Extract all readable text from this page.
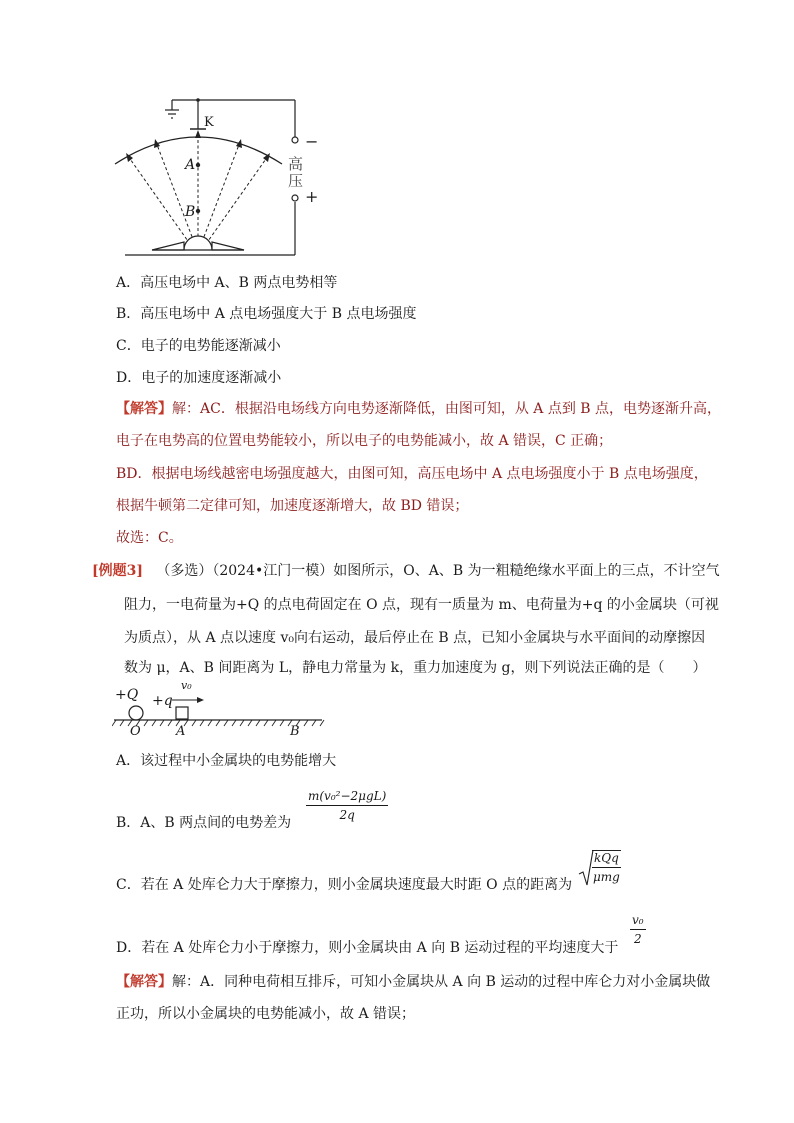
K
A
B
−
高
压
+
A．高压电场中 A、B 两点电势相等
B．高压电场中 A 点电场强度大于 B 点电场强度
C．电子的电势能逐渐减小
D．电子的加速度逐渐减小
【解答】解：AC．根据沿电场线方向电势逐渐降低，由图可知，从 A 点到 B 点，电势逐渐升高，
电子在电势高的位置电势能较小，所以电子的电势能减小，故 A 错误，C 正确；
BD．根据电场线越密电场强度越大，由图可知，高压电场中 A 点电场强度小于 B 点电场强度，
根据牛顿第二定律可知，加速度逐渐增大，故 BD 错误；
故选：C。
[例题3] （多选）（2024•江门一模）如图所示，O、A、B 为一粗糙绝缘水平面上的三点，不计空气
阻力，一电荷量为+Q 的点电荷固定在 O 点，现有一质量为 m、电荷量为+q 的小金属块（可视
为质点），从 A 点以速度 v₀向右运动，最后停止在 B 点，已知小金属块与水平面间的动摩擦因
数为 μ，A、B 间距离为 L，静电力常量为 k，重力加速度为 g，则下列说法正确的是（　　）
+Q +q
v₀
O	A	B
A．该过程中小金属块的电势能增大
B．A、B 两点间的电势差为
m(v₀²−2μgL)
2q
C．若在 A 处库仑力大于摩擦力，则小金属块速度最大时距 O 点的距离为
kQq
μmg
D．若在 A 处库仑力小于摩擦力，则小金属块由 A 向 B 运动过程的平均速度大于
$\frac{\text{v₀}}{2}$
【解答】解：A．同种电荷相互排斥，可知小金属块从 A 向 B 运动的过程中库仑力对小金属块做
正功，所以小金属块的电势能减小，故 A 错误；
